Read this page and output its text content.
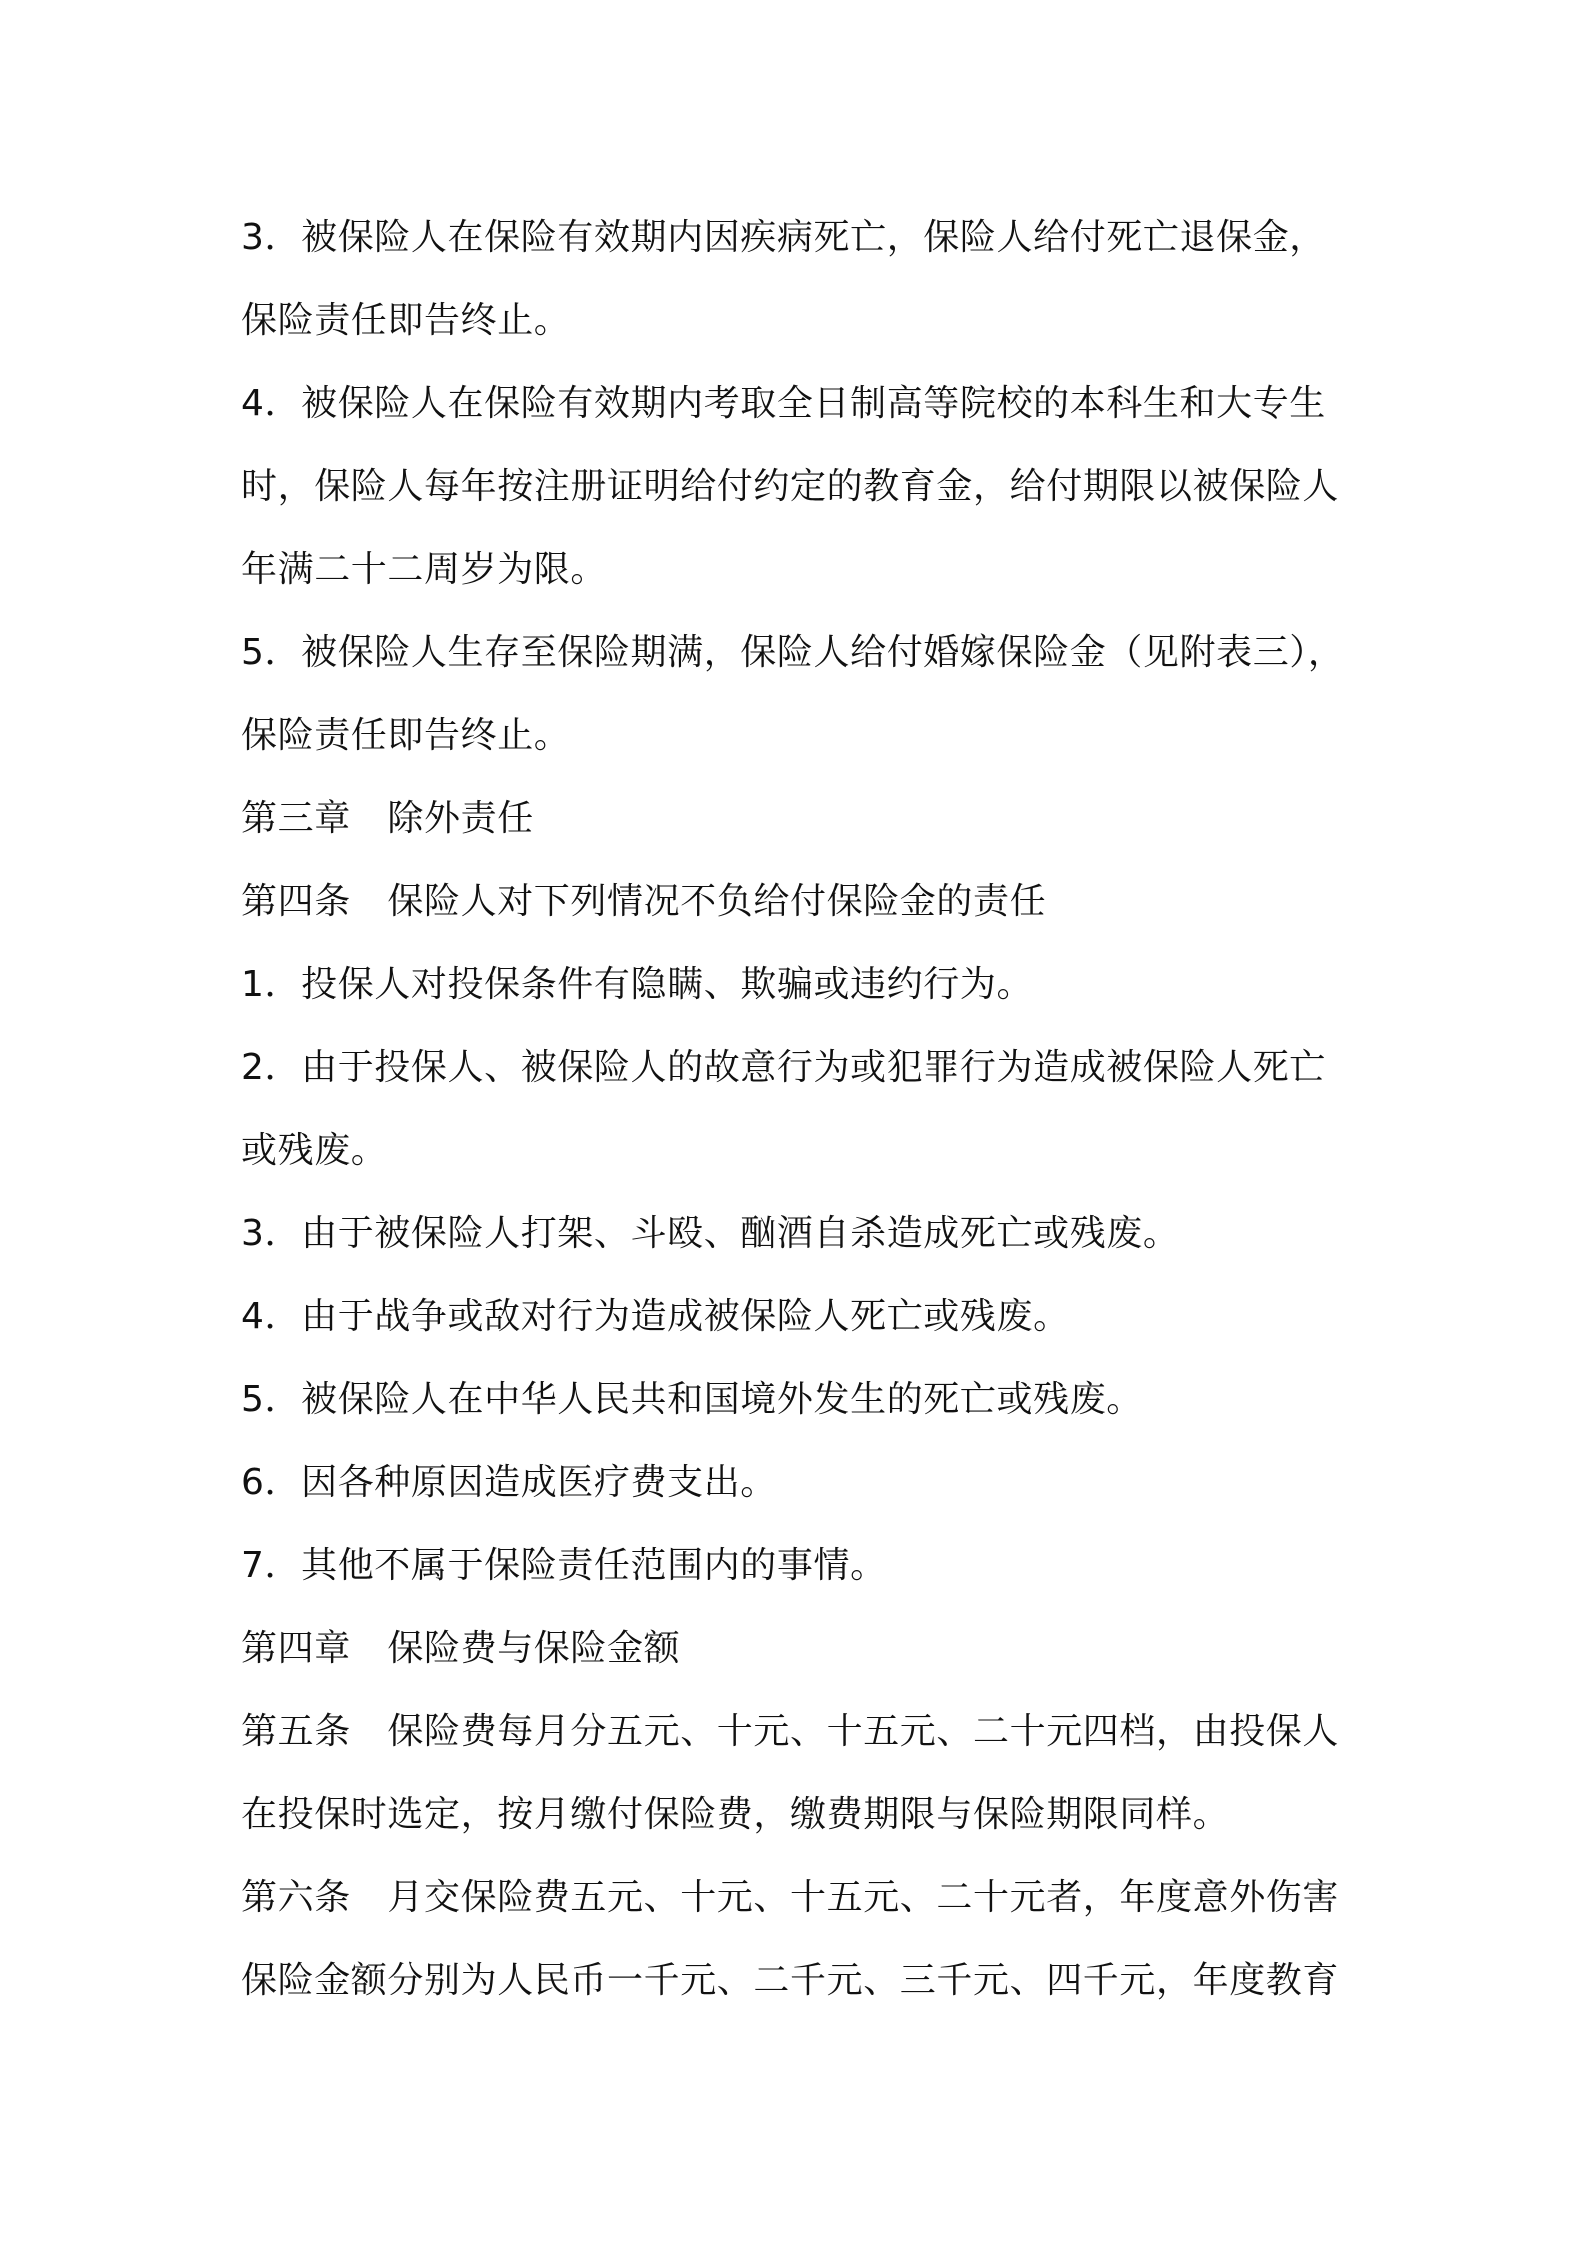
3．被保险人在保险有效期内因疾病死亡，保险人给付死亡退保金，
保险责任即告终止。
4．被保险人在保险有效期内考取全日制高等院校的本科生和大专生
时，保险人每年按注册证明给付约定的教育金，给付期限以被保险人
年满二十二周岁为限。
5．被保险人生存至保险期满，保险人给付婚嫁保险金（见附表三），
保险责任即告终止。
第三章　除外责任
第四条　保险人对下列情况不负给付保险金的责任
1．投保人对投保条件有隐瞒、欺骗或违约行为。
2．由于投保人、被保险人的故意行为或犯罪行为造成被保险人死亡
或残废。
3．由于被保险人打架、斗殴、酗酒自杀造成死亡或残废。
4．由于战争或敌对行为造成被保险人死亡或残废。
5．被保险人在中华人民共和国境外发生的死亡或残废。
6．因各种原因造成医疗费支出。
7．其他不属于保险责任范围内的事情。
第四章　保险费与保险金额
第五条　保险费每月分五元、十元、十五元、二十元四档，由投保人
在投保时选定，按月缴付保险费，缴费期限与保险期限同样。
第六条　月交保险费五元、十元、十五元、二十元者，年度意外伤害
保险金额分别为人民币一千元、二千元、三千元、四千元，年度教育
